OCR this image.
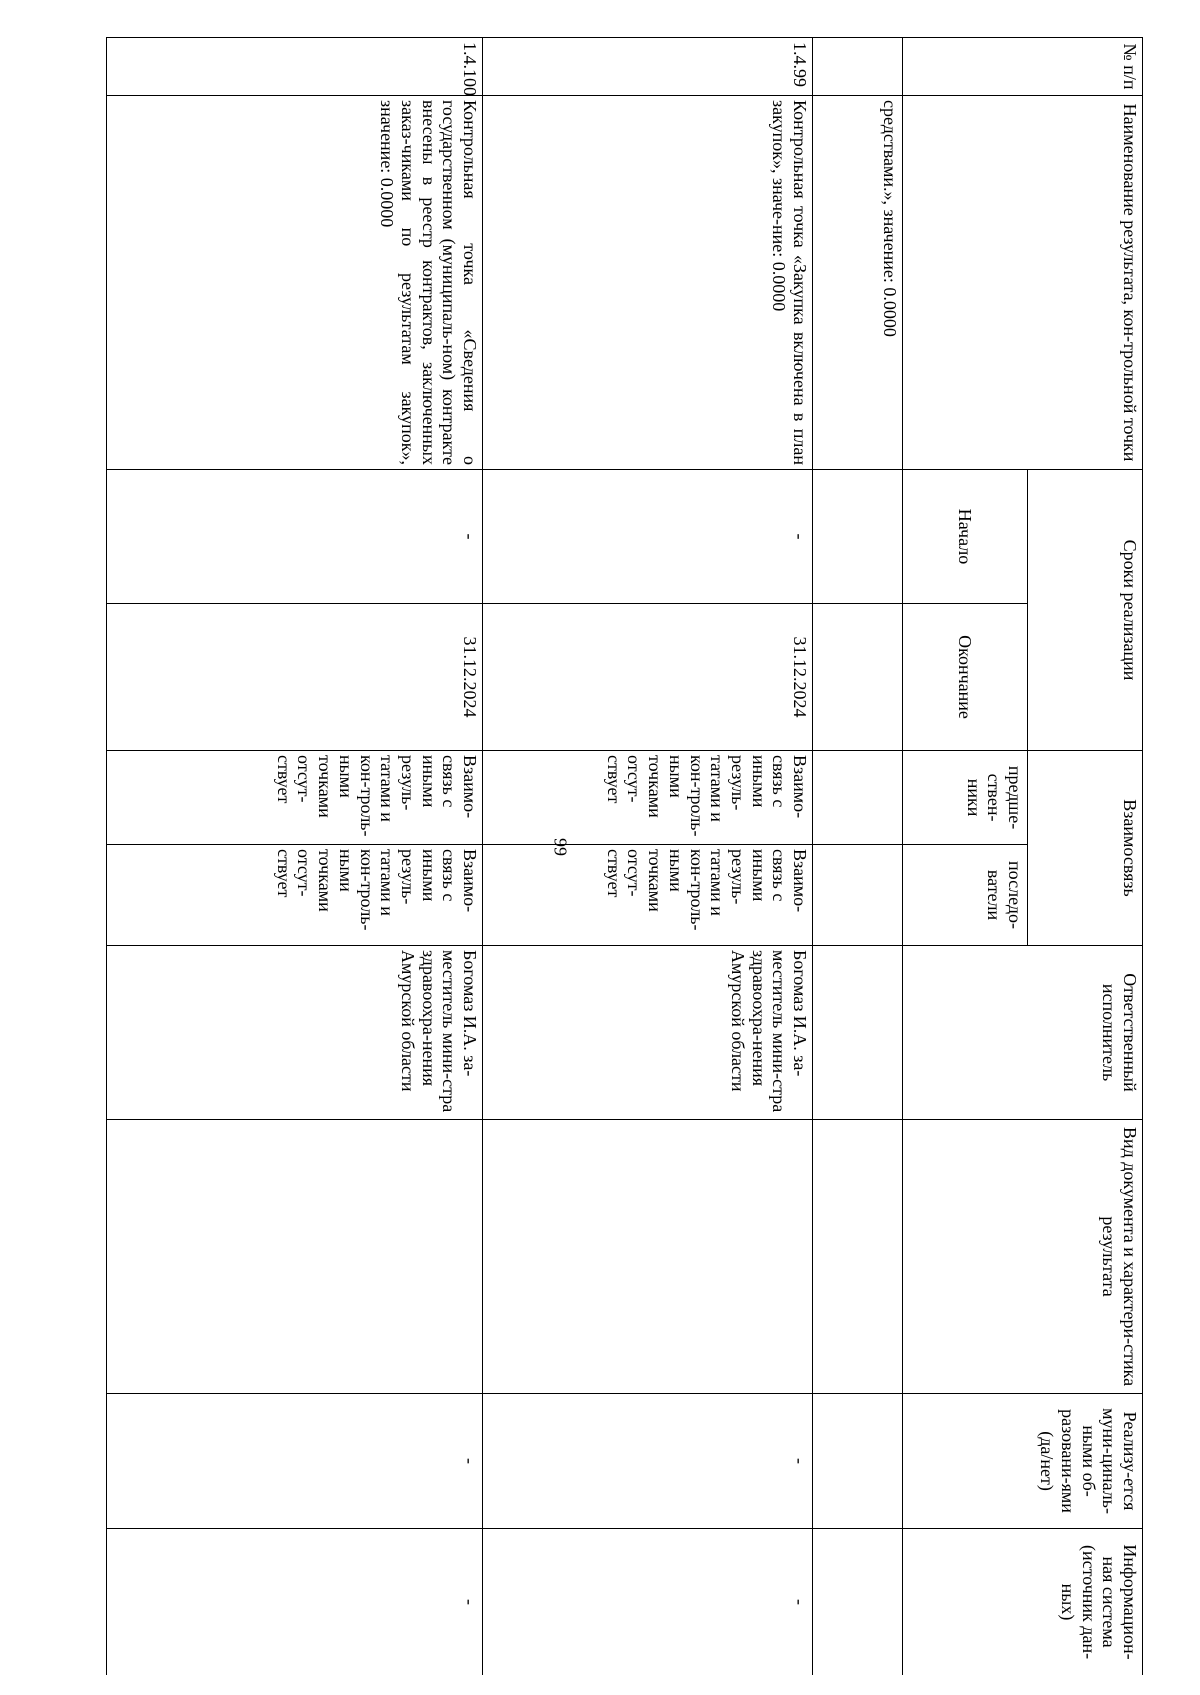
99
№ п/п	Наименование результата, кон-трольной точки	Сроки реализации		Взаимосвязь		Ответственный исполнитель	Вид документа и характери-стика результата	Реализу-ется муни-циналь-ными об-разовани-ями (да/нет)	Информацион-ная система (источник дан-ных)
		Начало	Окончание	предше-ствен-ники	последо-ватели				
	средствами.», значение: 0.0000								
1.4.99	Контрольная точка «Закупка включена в план закупок», значе-ние: 0.0000	-	31.12.2024	Взаимо-связь с иными резуль-татами и кон-троль-ными точками отсут-ствует	Взаимо-связь с иными резуль-татами и кон-троль-ными точками отсут-ствует	Богомаз И.А. за-меститель мини-стра здравоохра-нения Амурской области		-	-
1.4.100	Контрольная точка «Сведения о государственном (муниципаль-ном) контракте внесены в реестр контрактов, заключенных заказ-чиками по результатам закупок», значение: 0.0000	-	31.12.2024	Взаимо-связь с иными резуль-татами и кон-троль-ными точками отсут-ствует	Взаимо-связь с иными резуль-татами и кон-троль-ными точками отсут-ствует	Богомаз И.А. за-меститель мини-стра здравоохра-нения Амурской области		-	-
